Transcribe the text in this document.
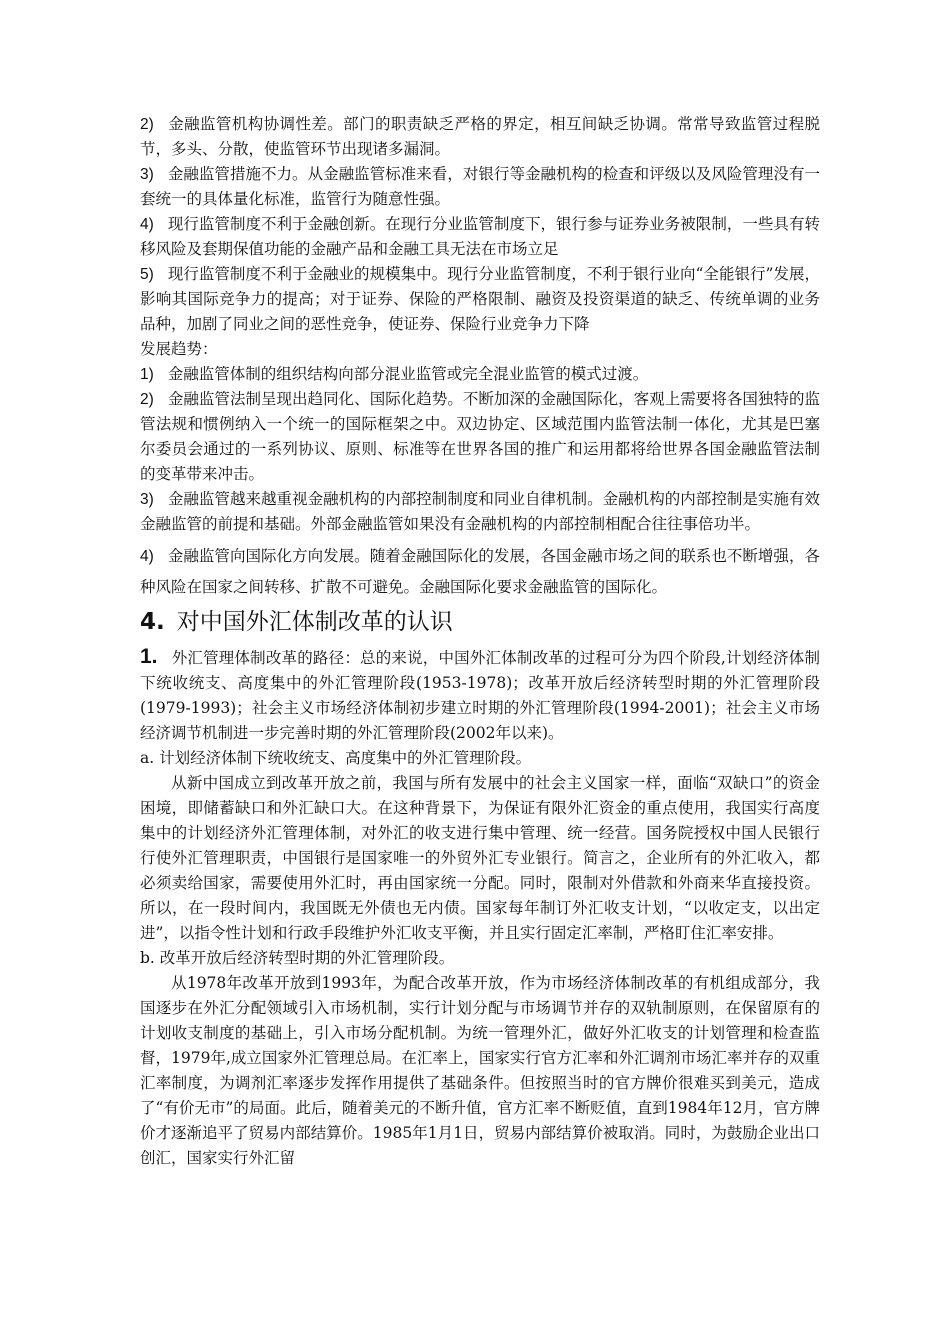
2) 金融监管机构协调性差。部门的职责缺乏严格的界定，相互间缺乏协调。常常导致监管过程脱节，多头、分散，使监管环节出现诸多漏洞。

3) 金融监管措施不力。从金融监管标准来看，对银行等金融机构的检查和评级以及风险管理没有一套统一的具体量化标准，监管行为随意性强。

4) 现行监管制度不利于金融创新。在现行分业监管制度下，银行参与证券业务被限制，一些具有转移风险及套期保值功能的金融产品和金融工具无法在市场立足

5) 现行监管制度不利于金融业的规模集中。现行分业监管制度，不利于银行业向“全能银行”发展，影响其国际竞争力的提高；对于证券、保险的严格限制、融资及投资渠道的缺乏、传统单调的业务品种，加剧了同业之间的恶性竞争，使证券、保险行业竞争力下降

发展趋势：

1) 金融监管体制的组织结构向部分混业监管或完全混业监管的模式过渡。

2) 金融监管法制呈现出趋同化、国际化趋势。不断加深的金融国际化，客观上需要将各国独特的监管法规和惯例纳入一个统一的国际框架之中。双边协定、区域范围内监管法制一体化，尤其是巴塞尔委员会通过的一系列协议、原则、标准等在世界各国的推广和运用都将给世界各国金融监管法制的变革带来冲击。

3) 金融监管越来越重视金融机构的内部控制制度和同业自律机制。金融机构的内部控制是实施有效金融监管的前提和基础。外部金融监管如果没有金融机构的内部控制相配合往往事倍功半。

4) 金融监管向国际化方向发展。随着金融国际化的发展，各国金融市场之间的联系也不断增强，各种风险在国家之间转移、扩散不可避免。金融国际化要求金融监管的国际化。

4. 对中国外汇体制改革的认识

1. 外汇管理体制改革的路径：总的来说，中国外汇体制改革的过程可分为四个阶段,计划经济体制下统收统支、高度集中的外汇管理阶段(1953-1978)；改革开放后经济转型时期的外汇管理阶段(1979-1993)；社会主义市场经济体制初步建立时期的外汇管理阶段(1994-2001)；社会主义市场经济调节机制进一步完善时期的外汇管理阶段(2002年以来)。

a. 计划经济体制下统收统支、高度集中的外汇管理阶段。

从新中国成立到改革开放之前，我国与所有发展中的社会主义国家一样，面临“双缺口”的资金困境，即储蓄缺口和外汇缺口大。在这种背景下，为保证有限外汇资金的重点使用，我国实行高度集中的计划经济外汇管理体制，对外汇的收支进行集中管理、统一经营。国务院授权中国人民银行行使外汇管理职责，中国银行是国家唯一的外贸外汇专业银行。简言之，企业所有的外汇收入，都必须卖给国家，需要使用外汇时，再由国家统一分配。同时，限制对外借款和外商来华直接投资。所以，在一段时间内，我国既无外债也无内债。国家每年制订外汇收支计划，“以收定支，以出定进”，以指令性计划和行政手段维护外汇收支平衡，并且实行固定汇率制，严格盯住汇率安排。

b. 改革开放后经济转型时期的外汇管理阶段。

从1978年改革开放到1993年，为配合改革开放，作为市场经济体制改革的有机组成部分，我国逐步在外汇分配领域引入市场机制，实行计划分配与市场调节并存的双轨制原则，在保留原有的计划收支制度的基础上，引入市场分配机制。为统一管理外汇，做好外汇收支的计划管理和检查监督，1979年,成立国家外汇管理总局。在汇率上，国家实行官方汇率和外汇调剂市场汇率并存的双重汇率制度，为调剂汇率逐步发挥作用提供了基础条件。但按照当时的官方牌价很难买到美元，造成了“有价无市”的局面。此后，随着美元的不断升值，官方汇率不断贬值，直到1984年12月，官方牌价才逐渐追平了贸易内部结算价。1985年1月1日，贸易内部结算价被取消。同时，为鼓励企业出口创汇，国家实行外汇留
